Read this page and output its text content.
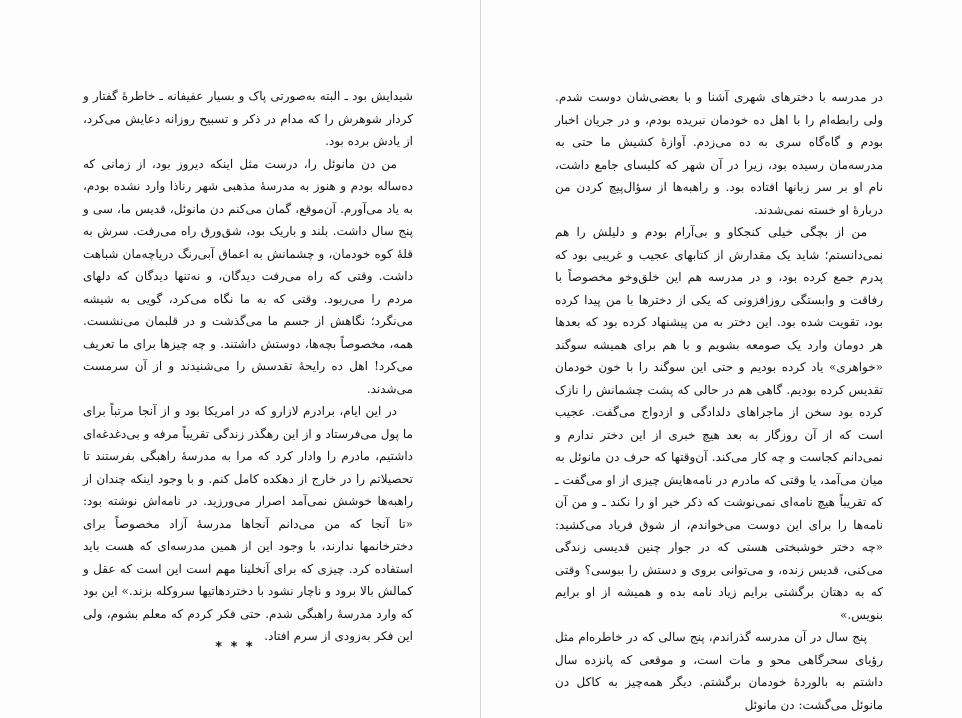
شیدایش بود ـ البته به‌صورتی پاک و بسیار عفیفانه ـ خاطرهٔ گفتار و کردار شوهرش را که مدام در ذکر و تسبیح روزانه دعایش می‌کرد، از یادش برده بود.

من دن مانوئل را، درست مثل اینکه دیروز بود، از زمانی که ده‌ساله بودم و هنوز به مدرسهٔ مذهبی شهر رناذا وارد نشده بودم، به یاد می‌آورم. آن‌موقع، گمان می‌کنم دن مانوئل، قدیس ما، سی و پنج سال داشت. بلند و باریک بود، شق‌ورق راه می‌رفت. سرش به قلهٔ کوه خودمان، و چشمانش به اعماق آبی‌رنگ دریاچه‌مان شباهت داشت. وقتی که راه می‌رفت دیدگان، و نه‌تنها دیدگان که دلهای مردم را می‌ربود. وقتی که به ما نگاه می‌کرد، گویی به شیشه می‌نگرد؛ نگاهش از جسم ما می‌گذشت و در قلبمان می‌نشست. همه، مخصوصاً بچه‌ها، دوستش داشتند. و چه چیزها برای ما تعریف می‌کرد! اهل ده رایحهٔ تقدسش را می‌شنیدند و از آن سرمست می‌شدند.

در این ایام، برادرم لازارو که در امریکا بود و از آنجا مرتباً برای ما پول می‌فرستاد و از این رهگذر زندگی تقریباً مرفه و بی‌دغدغه‌ای داشتیم، مادرم را وادار کرد که مرا به مدرسهٔ راهبگی بفرستند تا تحصیلاتم را در خارج از دهکده کامل کنم. و با وجود اینکه چندان از راهبه‌ها خوشش نمی‌آمد اصرار می‌ورزید. در نامه‌اش نوشته بود: «تا آنجا که من می‌دانم آنجاها مدرسهٔ آزاد مخصوصاً برای دخترخانمها ندارند، با وجود این از همین مدرسه‌ای که هست باید استفاده کرد. چیزی که برای آنخلینا مهم است این است که عقل و کمالش بالا برود و ناچار نشود با دختردهاتیها سروکله بزند.» این بود که وارد مدرسهٔ راهبگی شدم. حتی فکر کردم که معلم بشوم، ولی این فکر به‌زودی از سرم افتاد.

* * *

در مدرسه با دخترهای شهری آشنا و با بعضی‌شان دوست شدم. ولی رابطه‌ام را با اهل ده خودمان نبریده بودم، و در جریان اخبار بودم و گاه‌گاه سری به ده می‌زدم. آوازهٔ کشیش ما حتی به مدرسه‌مان رسیده بود، زیرا در آن شهر که کلیسای جامع داشت، نام او بر سر زبانها افتاده بود. و راهبه‌ها از سؤال‌پیچ کردن من دربارهٔ او خسته نمی‌شدند.

من از بچگی خیلی کنجکاو و بی‌آرام بودم و دلیلش را هم نمی‌دانستم؛ شاید یک مقدارش از کتابهای عجیب و غریبی بود که پدرم جمع کرده بود، و در مدرسه هم این خلق‌وخو مخصوصاً با رفاقت و وابستگی روزافزونی که یکی از دخترها با من پیدا کرده بود، تقویت شده بود. این دختر به من پیشنهاد کرده بود که بعدها هر دومان وارد یک صومعه بشویم و با هم برای همیشه سوگند «خواهری» یاد کرده بودیم و حتی این سوگند را با خون خودمان تقدیس کرده بودیم. گاهی هم در حالی که پشت چشمانش را نازک کرده بود سخن از ماجراهای دلدادگی و ازدواج می‌گفت. عجیب است که از آن روزگار به بعد هیچ خبری از این دختر ندارم و نمی‌دانم کجاست و چه کار می‌کند. آن‌وقتها که حرف دن مانوئل به میان می‌آمد، یا وقتی که مادرم در نامه‌هایش چیزی از او می‌گفت ـ که تقریباً هیچ نامه‌ای نمی‌نوشت که ذکر خیر او را نکند ـ و من آن نامه‌ها را برای این دوست می‌خواندم، از شوق فریاد می‌کشید: «چه دختر خوشبختی هستی که در جوار چنین قدیسی زندگی می‌کنی، قدیس زنده، و می‌توانی بروی و دستش را ببوسی؟ وقتی که به دهتان برگشتی برایم زیاد نامه بده و همیشه از او برایم بنویس.»

پنج سال در آن مدرسه گذراندم، پنج سالی که در خاطره‌ام مثل رؤیای سحرگاهی محو و مات است، و موقعی که پانزده سال داشتم به بالوردهٔ خودمان برگشتم. دیگر همه‌چیز به کاکل دن مانوئل می‌گشت: دن مانوئل
